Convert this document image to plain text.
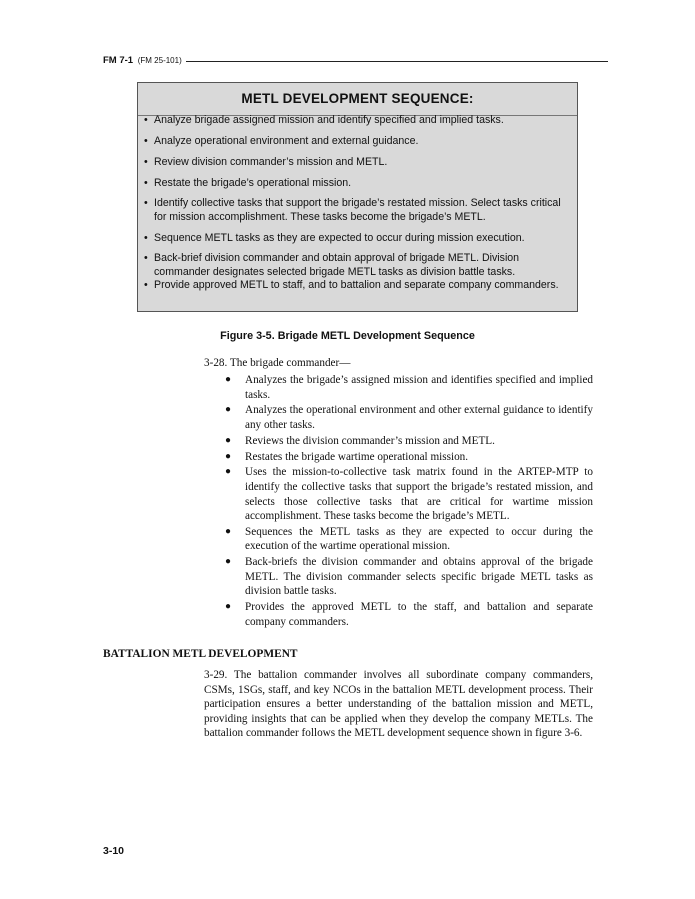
FM 7-1 (FM 25-101)
METL DEVELOPMENT SEQUENCE:
• Analyze brigade assigned mission and identify specified and implied tasks.
• Analyze operational environment and external guidance.
• Review division commander’s mission and METL.
• Restate the brigade’s operational mission.
• Identify collective tasks that support the brigade’s restated mission. Select tasks critical for mission accomplishment. These tasks become the brigade’s METL.
• Sequence METL tasks as they are expected to occur during mission execution.
• Back-brief division commander and obtain approval of brigade METL. Division commander designates selected brigade METL tasks as division battle tasks.
• Provide approved METL to staff, and to battalion and separate company commanders.
Figure 3-5. Brigade METL Development Sequence
3-28. The brigade commander—
● Analyzes the brigade’s assigned mission and identifies specified and implied tasks.
● Analyzes the operational environment and other external guidance to identify any other tasks.
● Reviews the division commander’s mission and METL.
● Restates the brigade wartime operational mission.
● Uses the mission-to-collective task matrix found in the ARTEP-MTP to identify the collective tasks that support the brigade’s restated mission, and selects those collective tasks that are critical for wartime mission accomplishment. These tasks become the brigade’s METL.
● Sequences the METL tasks as they are expected to occur during the execution of the wartime operational mission.
● Back-briefs the division commander and obtains approval of the brigade METL. The division commander selects specific brigade METL tasks as division battle tasks.
● Provides the approved METL to the staff, and battalion and separate company commanders.
BATTALION METL DEVELOPMENT
3-29. The battalion commander involves all subordinate company commanders, CSMs, 1SGs, staff, and key NCOs in the battalion METL development process. Their participation ensures a better understanding of the battalion mission and METL, providing insights that can be applied when they develop the company METLs. The battalion commander follows the METL development sequence shown in figure 3-6.
3-10
